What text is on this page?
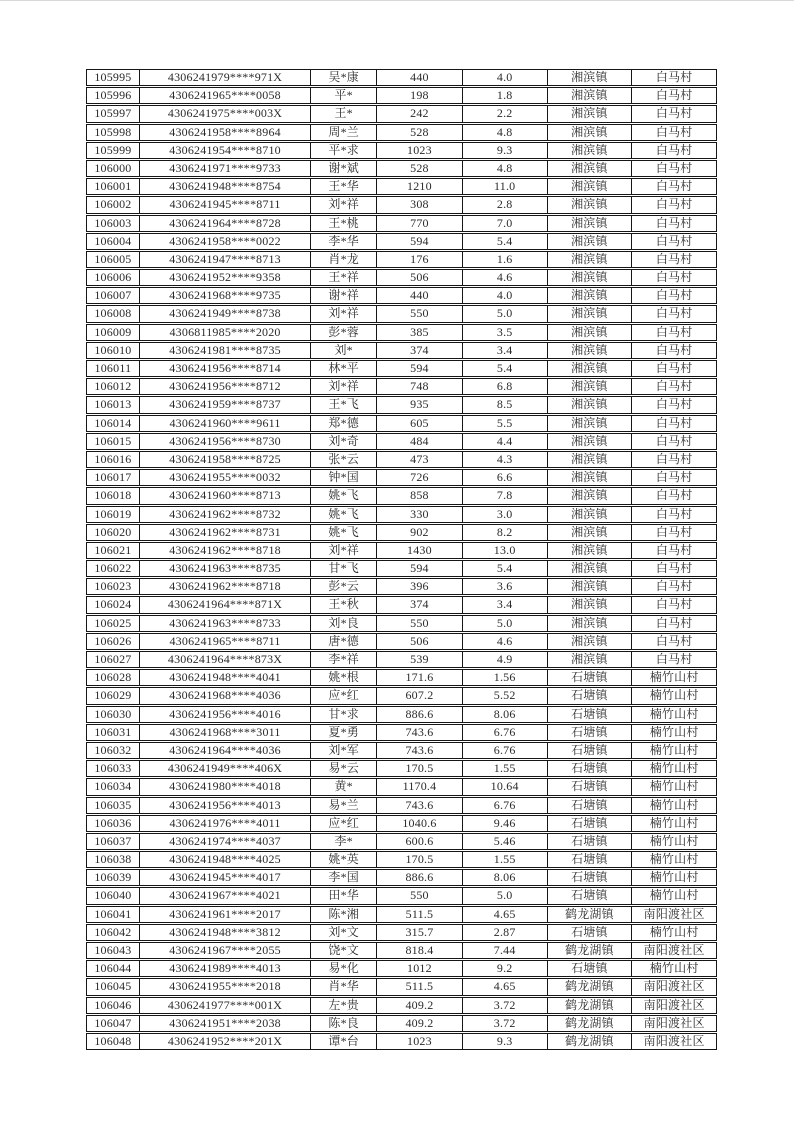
105995	4306241979****971X	吴*康	440	4.0	湘滨镇	白马村
105996	4306241965****0058	平*	198	1.8	湘滨镇	白马村
105997	4306241975****003X	王*	242	2.2	湘滨镇	白马村
105998	4306241958****8964	周*兰	528	4.8	湘滨镇	白马村
105999	4306241954****8710	平*求	1023	9.3	湘滨镇	白马村
106000	4306241971****9733	谢*斌	528	4.8	湘滨镇	白马村
106001	4306241948****8754	王*华	1210	11.0	湘滨镇	白马村
106002	4306241945****8711	刘*祥	308	2.8	湘滨镇	白马村
106003	4306241964****8728	王*桃	770	7.0	湘滨镇	白马村
106004	4306241958****0022	李*华	594	5.4	湘滨镇	白马村
106005	4306241947****8713	肖*龙	176	1.6	湘滨镇	白马村
106006	4306241952****9358	王*祥	506	4.6	湘滨镇	白马村
106007	4306241968****9735	谢*祥	440	4.0	湘滨镇	白马村
106008	4306241949****8738	刘*祥	550	5.0	湘滨镇	白马村
106009	4306811985****2020	彭*蓉	385	3.5	湘滨镇	白马村
106010	4306241981****8735	刘*	374	3.4	湘滨镇	白马村
106011	4306241956****8714	林*平	594	5.4	湘滨镇	白马村
106012	4306241956****8712	刘*祥	748	6.8	湘滨镇	白马村
106013	4306241959****8737	王*飞	935	8.5	湘滨镇	白马村
106014	4306241960****9611	郑*德	605	5.5	湘滨镇	白马村
106015	4306241956****8730	刘*奇	484	4.4	湘滨镇	白马村
106016	4306241958****8725	张*云	473	4.3	湘滨镇	白马村
106017	4306241955****0032	钟*国	726	6.6	湘滨镇	白马村
106018	4306241960****8713	姚*飞	858	7.8	湘滨镇	白马村
106019	4306241962****8732	姚*飞	330	3.0	湘滨镇	白马村
106020	4306241962****8731	姚*飞	902	8.2	湘滨镇	白马村
106021	4306241962****8718	刘*祥	1430	13.0	湘滨镇	白马村
106022	4306241963****8735	甘*飞	594	5.4	湘滨镇	白马村
106023	4306241962****8718	彭*云	396	3.6	湘滨镇	白马村
106024	4306241964****871X	王*秋	374	3.4	湘滨镇	白马村
106025	4306241963****8733	刘*良	550	5.0	湘滨镇	白马村
106026	4306241965****8711	唐*德	506	4.6	湘滨镇	白马村
106027	4306241964****873X	李*祥	539	4.9	湘滨镇	白马村
106028	4306241948****4041	姚*根	171.6	1.56	石塘镇	楠竹山村
106029	4306241968****4036	应*红	607.2	5.52	石塘镇	楠竹山村
106030	4306241956****4016	甘*求	886.6	8.06	石塘镇	楠竹山村
106031	4306241968****3011	夏*勇	743.6	6.76	石塘镇	楠竹山村
106032	4306241964****4036	刘*军	743.6	6.76	石塘镇	楠竹山村
106033	4306241949****406X	易*云	170.5	1.55	石塘镇	楠竹山村
106034	4306241980****4018	黄*	1170.4	10.64	石塘镇	楠竹山村
106035	4306241956****4013	易*兰	743.6	6.76	石塘镇	楠竹山村
106036	4306241976****4011	应*红	1040.6	9.46	石塘镇	楠竹山村
106037	4306241974****4037	李*	600.6	5.46	石塘镇	楠竹山村
106038	4306241948****4025	姚*英	170.5	1.55	石塘镇	楠竹山村
106039	4306241945****4017	李*国	886.6	8.06	石塘镇	楠竹山村
106040	4306241967****4021	田*华	550	5.0	石塘镇	楠竹山村
106041	4306241961****2017	陈*湘	511.5	4.65	鹤龙湖镇	南阳渡社区
106042	4306241948****3812	刘*文	315.7	2.87	石塘镇	楠竹山村
106043	4306241967****2055	饶*文	818.4	7.44	鹤龙湖镇	南阳渡社区
106044	4306241989****4013	易*化	1012	9.2	石塘镇	楠竹山村
106045	4306241955****2018	肖*华	511.5	4.65	鹤龙湖镇	南阳渡社区
106046	4306241977****001X	左*贵	409.2	3.72	鹤龙湖镇	南阳渡社区
106047	4306241951****2038	陈*良	409.2	3.72	鹤龙湖镇	南阳渡社区
106048	4306241952****201X	谭*台	1023	9.3	鹤龙湖镇	南阳渡社区
